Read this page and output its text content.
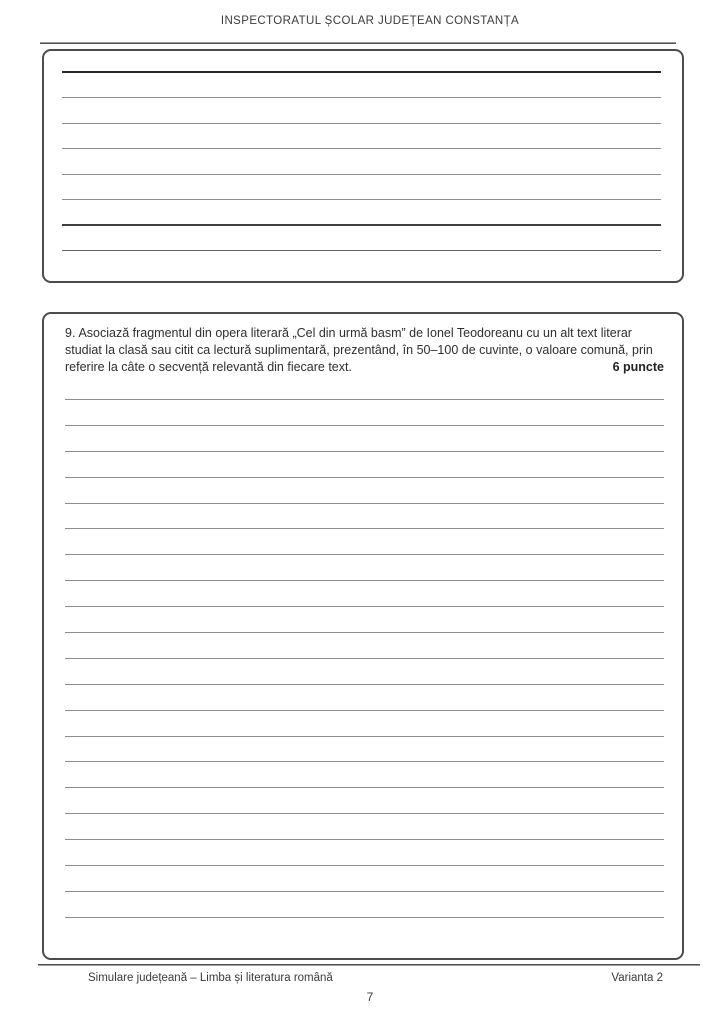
INSPECTORATUL ȘCOLAR JUDEȚEAN CONSTANȚA
9. Asociază fragmentul din opera literară „Cel din urmă basm” de Ionel Teodoreanu cu un alt text literar studiat la clasă sau citit ca lectură suplimentară, prezentând, în 50–100 de cuvinte, o valoare comună, prin referire la câte o secvență relevantă din fiecare text.	6 puncte
Simulare județeană – Limba și literatura română	Varianta 2
7
